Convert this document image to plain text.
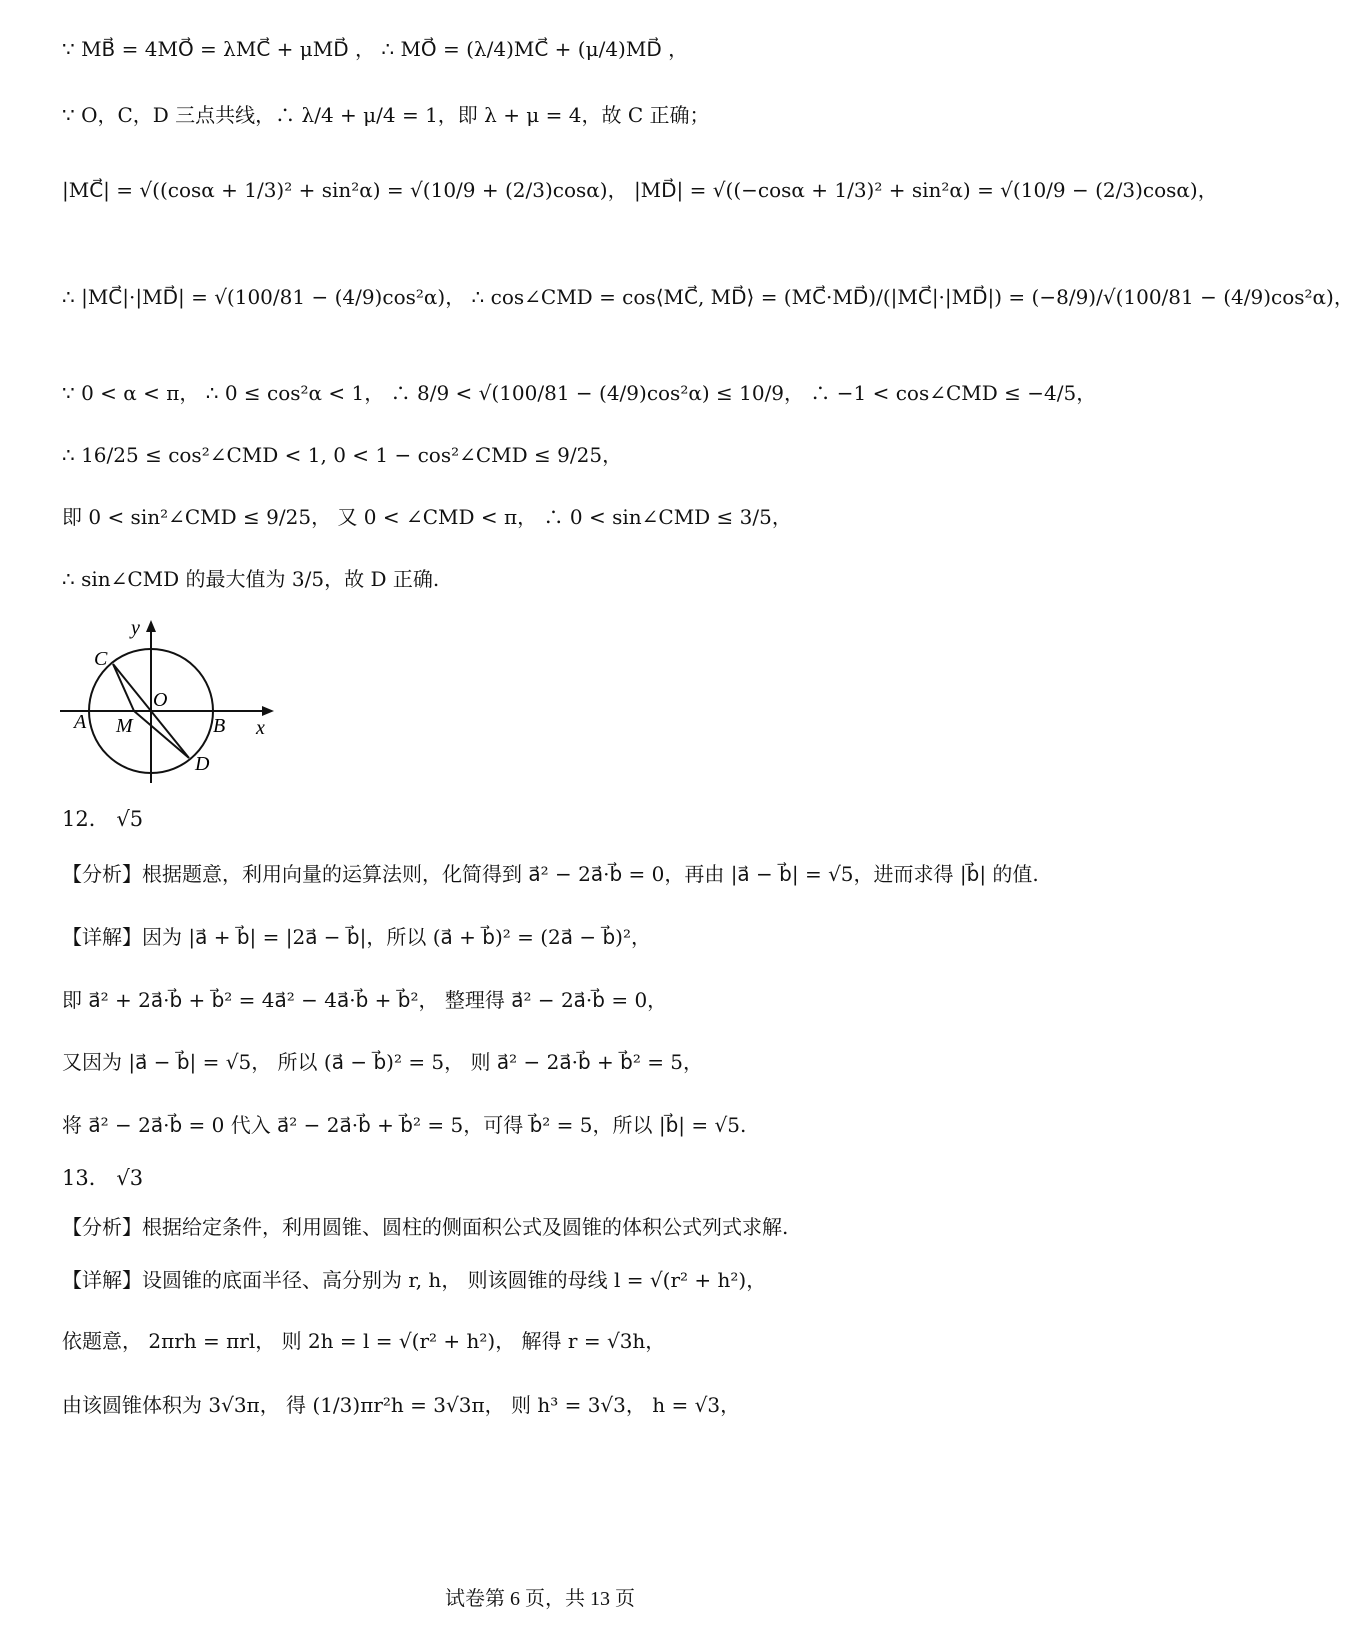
∵ MB⃗ = 4MO⃗ = λMC⃗ + μMD⃗ ， ∴ MO⃗ = (λ/4)MC⃗ + (μ/4)MD⃗ ，
∵ O，C，D 三点共线，∴ λ/4 + μ/4 = 1，即 λ + μ = 4，故 C 正确；
|MC⃗| = √((cosα + 1/3)² + sin²α) = √(10/9 + (2/3)cosα)， |MD⃗| = √((−cosα + 1/3)² + sin²α) = √(10/9 − (2/3)cosα)，
∴ |MC⃗|·|MD⃗| = √(100/81 − (4/9)cos²α)， ∴ cos∠CMD = cos⟨MC⃗, MD⃗⟩ = (MC⃗·MD⃗)/(|MC⃗|·|MD⃗|) = (−8/9)/√(100/81 − (4/9)cos²α)，
∵ 0 < α < π， ∴ 0 ≤ cos²α < 1， ∴ 8/9 < √(100/81 − (4/9)cos²α) ≤ 10/9， ∴ −1 < cos∠CMD ≤ −4/5，
∴ 16/25 ≤ cos²∠CMD < 1, 0 < 1 − cos²∠CMD ≤ 9/25，
即 0 < sin²∠CMD ≤ 9/25， 又 0 < ∠CMD < π， ∴ 0 < sin∠CMD ≤ 3/5，
∴ sin∠CMD 的最大值为 3/5，故 D 正确.
C
O
A M	B x
y
D
12． √5
【分析】根据题意，利用向量的运算法则，化简得到 a⃗² − 2a⃗·b⃗ = 0，再由 |a⃗ − b⃗| = √5，进而求得 |b⃗| 的值.
【详解】因为 |a⃗ + b⃗| = |2a⃗ − b⃗|，所以 (a⃗ + b⃗)² = (2a⃗ − b⃗)²，
即 a⃗² + 2a⃗·b⃗ + b⃗² = 4a⃗² − 4a⃗·b⃗ + b⃗²， 整理得 a⃗² − 2a⃗·b⃗ = 0，
又因为 |a⃗ − b⃗| = √5， 所以 (a⃗ − b⃗)² = 5， 则 a⃗² − 2a⃗·b⃗ + b⃗² = 5，
将 a⃗² − 2a⃗·b⃗ = 0 代入 a⃗² − 2a⃗·b⃗ + b⃗² = 5，可得 b⃗² = 5，所以 |b⃗| = √5.
13． √3
【分析】根据给定条件，利用圆锥、圆柱的侧面积公式及圆锥的体积公式列式求解.
【详解】设圆锥的底面半径、高分别为 r, h， 则该圆锥的母线 l = √(r² + h²)，
依题意， 2πrh = πrl， 则 2h = l = √(r² + h²)， 解得 r = √3h，
由该圆锥体积为 3√3π， 得 (1/3)πr²h = 3√3π， 则 h³ = 3√3， h = √3，
试卷第 6 页，共 13 页
